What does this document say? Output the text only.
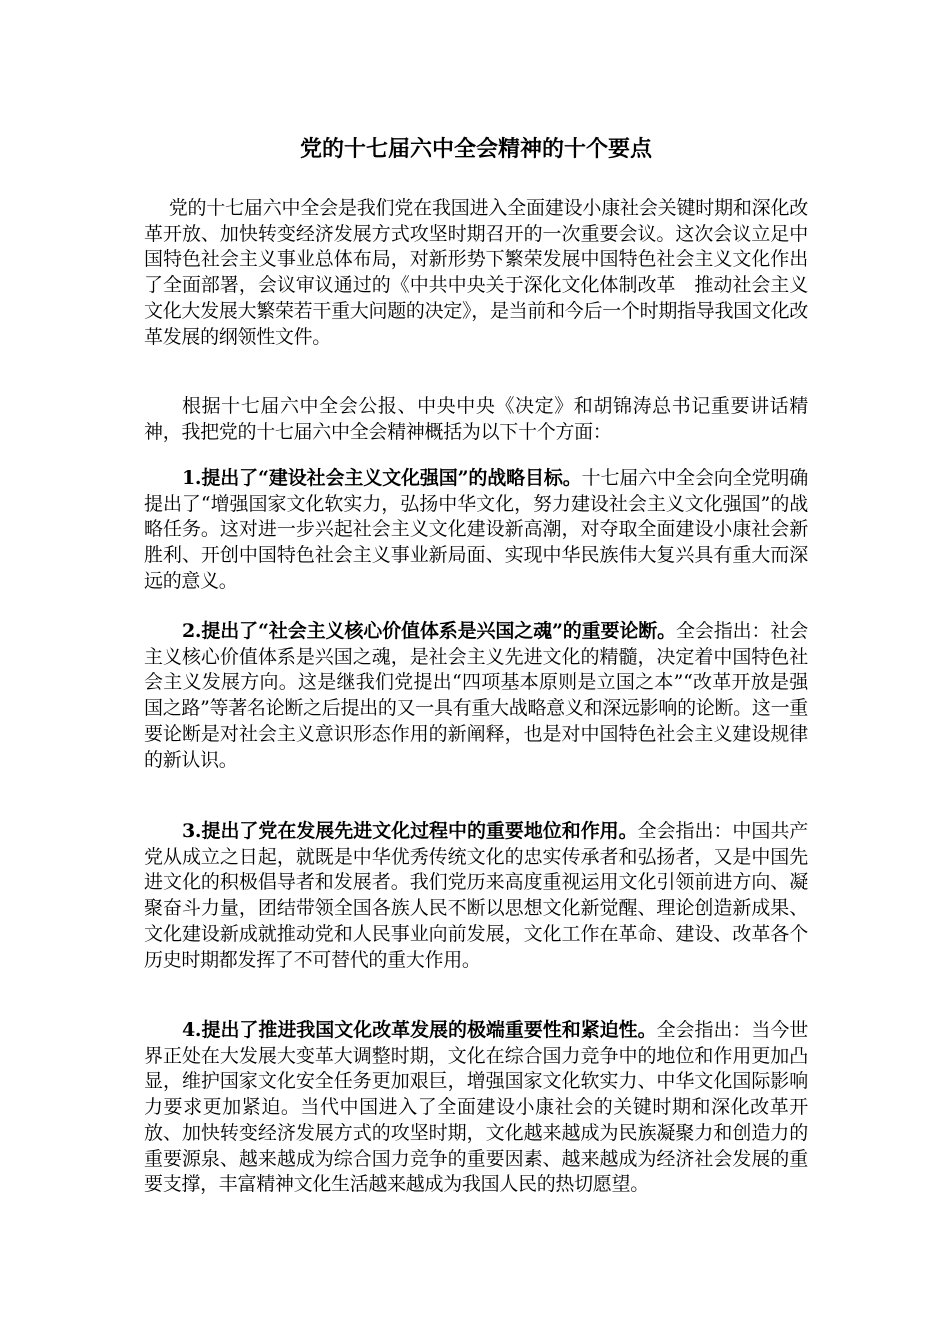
党的十七届六中全会精神的十个要点

党的十七届六中全会是我们党在我国进入全面建设小康社会关键时期和深化改革开放、加快转变经济发展方式攻坚时期召开的一次重要会议。这次会议立足中国特色社会主义事业总体布局，对新形势下繁荣发展中国特色社会主义文化作出了全面部署，会议审议通过的《中共中央关于深化文化体制改革　推动社会主义文化大发展大繁荣若干重大问题的决定》，是当前和今后一个时期指导我国文化改革发展的纲领性文件。

根据十七届六中全会公报、中央中央《决定》和胡锦涛总书记重要讲话精神，我把党的十七届六中全会精神概括为以下十个方面：

1.提出了“建设社会主义文化强国”的战略目标。十七届六中全会向全党明确提出了“增强国家文化软实力，弘扬中华文化，努力建设社会主义文化强国”的战略任务。这对进一步兴起社会主义文化建设新高潮，对夺取全面建设小康社会新胜利、开创中国特色社会主义事业新局面、实现中华民族伟大复兴具有重大而深远的意义。

2.提出了“社会主义核心价值体系是兴国之魂”的重要论断。全会指出：社会主义核心价值体系是兴国之魂，是社会主义先进文化的精髓，决定着中国特色社会主义发展方向。这是继我们党提出“四项基本原则是立国之本”“改革开放是强国之路”等著名论断之后提出的又一具有重大战略意义和深远影响的论断。这一重要论断是对社会主义意识形态作用的新阐释，也是对中国特色社会主义建设规律的新认识。

3.提出了党在发展先进文化过程中的重要地位和作用。全会指出：中国共产党从成立之日起，就既是中华优秀传统文化的忠实传承者和弘扬者，又是中国先进文化的积极倡导者和发展者。我们党历来高度重视运用文化引领前进方向、凝聚奋斗力量，团结带领全国各族人民不断以思想文化新觉醒、理论创造新成果、文化建设新成就推动党和人民事业向前发展，文化工作在革命、建设、改革各个历史时期都发挥了不可替代的重大作用。

4.提出了推进我国文化改革发展的极端重要性和紧迫性。全会指出：当今世界正处在大发展大变革大调整时期，文化在综合国力竞争中的地位和作用更加凸显，维护国家文化安全任务更加艰巨，增强国家文化软实力、中华文化国际影响力要求更加紧迫。当代中国进入了全面建设小康社会的关键时期和深化改革开放、加快转变经济发展方式的攻坚时期，文化越来越成为民族凝聚力和创造力的重要源泉、越来越成为综合国力竞争的重要因素、越来越成为经济社会发展的重要支撑，丰富精神文化生活越来越成为我国人民的热切愿望。
